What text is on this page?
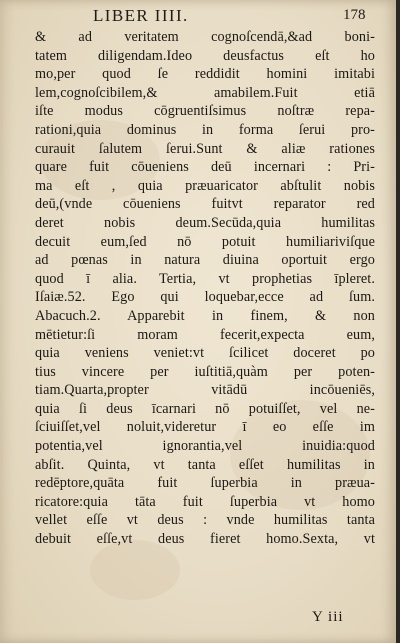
LIBER IIII.	178
& ad veritatem cognoſcendā,&ad boni-
tatem diligendam.Ideo deusfactus eſt ho
mo,per quod ſe reddidit homini imitabi
lem,cognoſcibilem,& amabilem.Fuit etiā
iſte modus cōgruentiſsimus noſtræ repa-
rationi,quia dominus in forma ſerui pro-
curauit ſalutem ſerui.Sunt & aliæ rationes
quare fuit cōueniens deū incernari : Pri-
ma eſt , quia præuaricator abſtulit nobis
deū,(vnde cōueniens fuitvt reparator red
deret nobis deum.Secūda,quia humilitas
decuit eum,ſed nō potuit humiliariviſque
ad pœnas in natura diuina oportuit ergo
quod ī alia. Tertia, vt prophetias īpleret.
Iſaiæ.52. Ego qui loquebar,ecce ad ſum.
Abacuch.2. Apparebit in finem, & non
mētietur:ſi moram fecerit,expecta eum,
quia veniens veniet:vt ſcilicet doceret po
tius vincere per iuſtitiā,quàm per poten-
tiam.Quarta,propter vitādū incōueniēs,
quia ſi deus īcarnari nō potuiſſet, vel ne-
ſciuiſſet,vel noluit,videretur ī eo eſſe im
potentia,vel ignorantia,vel inuidia:quod
abſit. Quinta, vt tanta eſſet humilitas in
redēptore,quāta fuit ſuperbia in præua-
ricatore:quia tāta fuit ſuperbia vt homo
vellet eſſe vt deus : vnde humilitas tanta
debuit eſſe,vt deus fieret homo.Sexta, vt
Y iii
